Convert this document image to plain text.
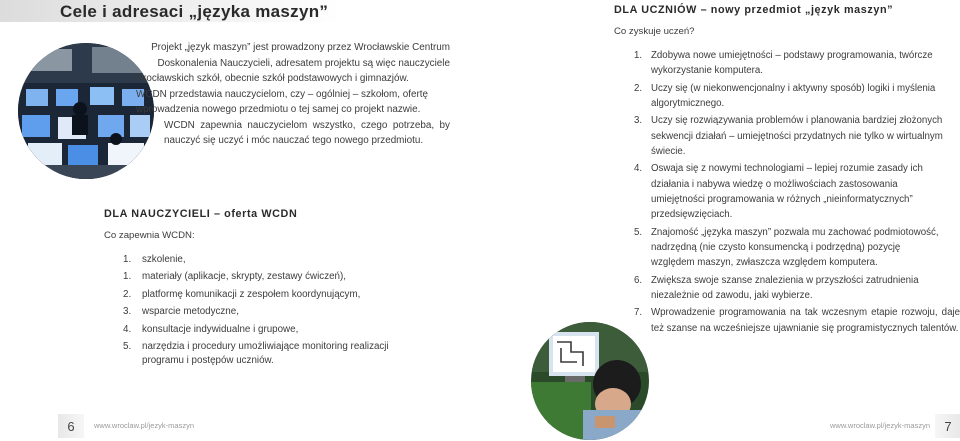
Cele i adresaci „języka maszyn”

Projekt „język maszyn” jest prowadzony przez Wrocławskie Centrum
Doskonalenia Nauczycieli, adresatem projektu są więc nauczyciele
wrocławskich szkół, obecnie szkół podstawowych i gimnazjów.
WCDN przedstawia nauczycielom, czy – ogólniej – szkołom, ofertę
wprowadzenia nowego przedmiotu o tej samej co projekt nazwie.
WCDN zapewnia nauczycielom wszystko, czego potrzeba, by
nauczyć się uczyć i móc nauczać tego nowego przedmiotu.

DLA NAUCZYCIELI – oferta WCDN

Co zapewnia WCDN:

1. szkolenie,
1. materiały (aplikacje, skrypty, zestawy ćwiczeń),
2. platformę komunikacji z zespołem koordynującym,
3. wsparcie metodyczne,
4. konsultacje indywidualne i grupowe,
5. narzędzia i procedury umożliwiające monitoring realizacji
programu i postępów uczniów.
6	www.wroclaw.pl/jezyk-maszyn
DLA UCZNIÓW – nowy przedmiot „język maszyn”

Co zyskuje uczeń?

1. Zdobywa nowe umiejętności – podstawy programowania, twórcze
wykorzystanie komputera.
2. Uczy się (w niekonwencjonalny i aktywny sposób) logiki i myślenia
algorytmicznego.
3. Uczy się rozwiązywania problemów i planowania bardziej złożonych
sekwencji działań – umiejętności przydatnych nie tylko w wirtualnym
świecie.
4. Oswaja się z nowymi technologiami – lepiej rozumie zasady ich
działania i nabywa wiedzę o możliwościach zastosowania
umiejętności programowania w różnych „nieinformatycznych”
przedsięwzięciach.
5. Znajomość „języka maszyn” pozwala mu zachować podmiotowość,
nadrzędną (nie czysto konsumencką i podrzędną) pozycję
względem maszyn, zwłaszcza względem komputera.
6. Zwiększa swoje szanse znalezienia w przyszłości zatrudnienia
niezależnie od zawodu, jaki wybierze.
7. Wprowadzenie programowania na tak wczesnym etapie rozwoju, daje
też szanse na wcześniejsze ujawnianie się programistycznych talentów.
www.wroclaw.pl/jezyk-maszyn	7
